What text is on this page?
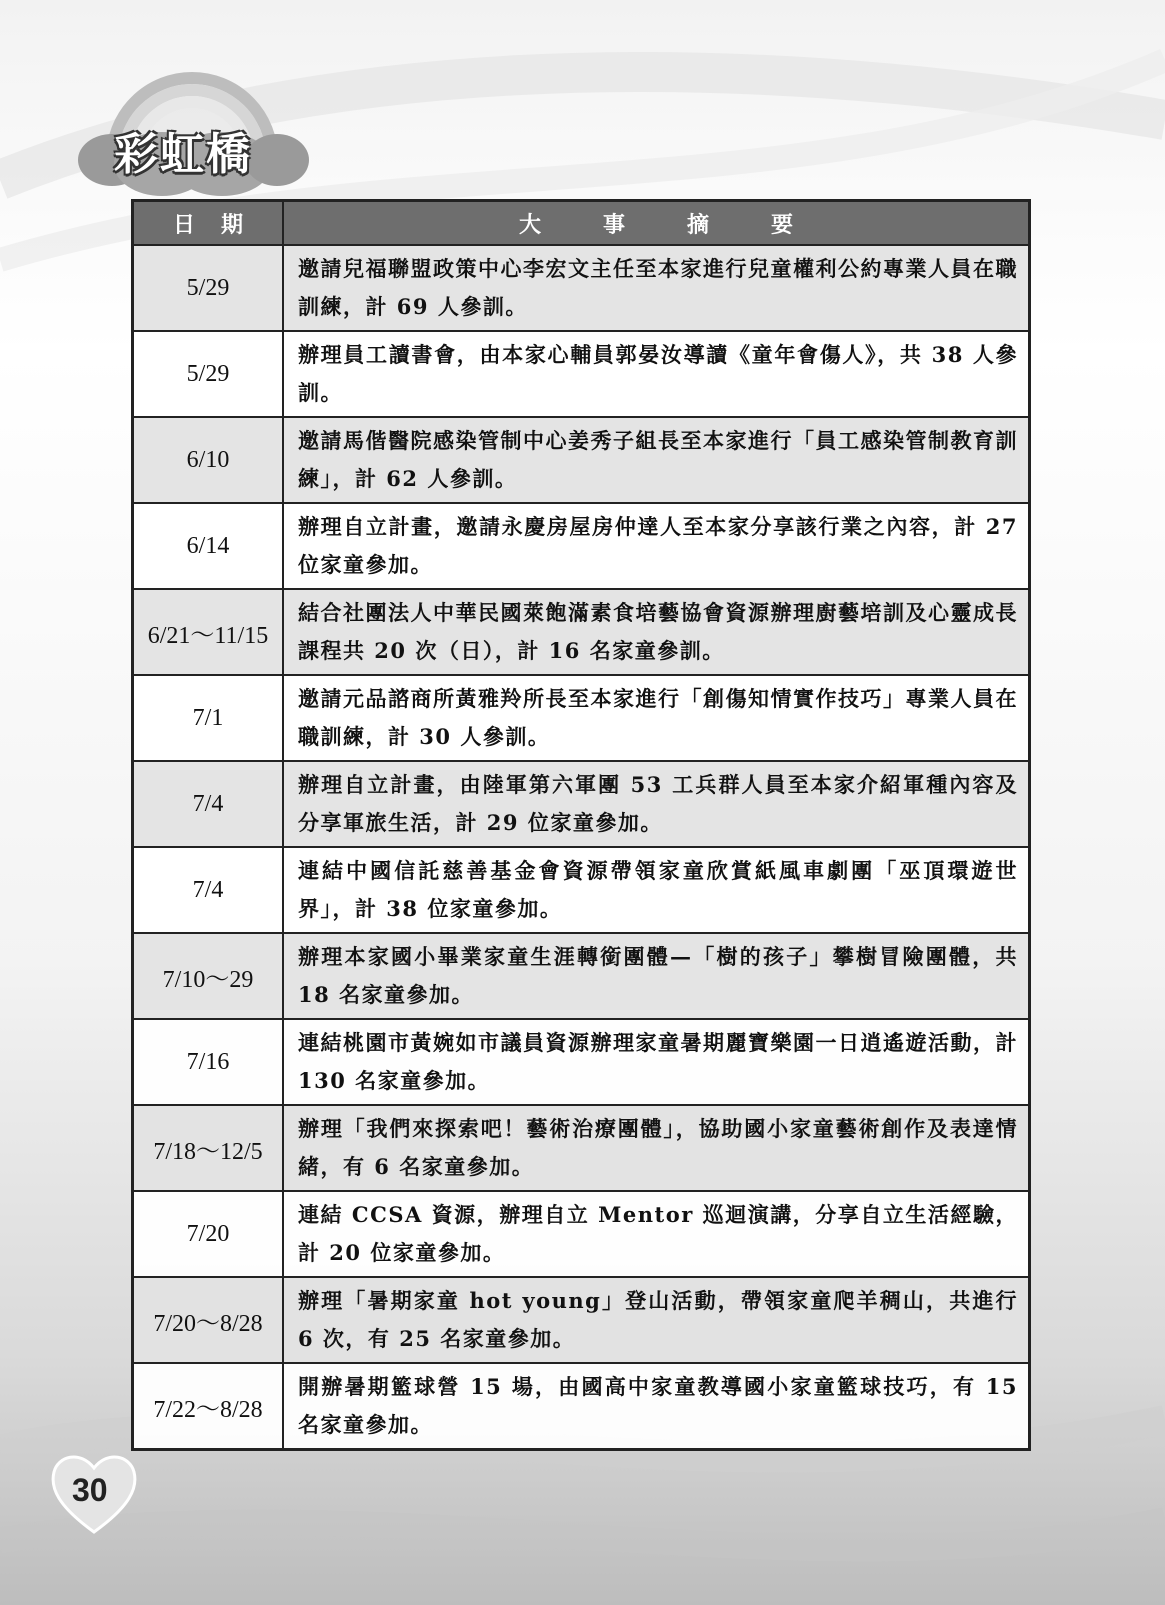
彩虹橋
日期	大事摘要
5/29	邀請兒福聯盟政策中心李宏文主任至本家進行兒童權利公約專業人員在職訓練，計 69 人參訓。
5/29	辦理員工讀書會，由本家心輔員郭晏汝導讀《童年會傷人》，共 38 人參訓。
6/10	邀請馬偕醫院感染管制中心姜秀子組長至本家進行「員工感染管制教育訓練」，計 62 人參訓。
6/14	辦理自立計畫，邀請永慶房屋房仲達人至本家分享該行業之內容，計 27 位家童參加。
6/21～11/15	結合社團法人中華民國萊飽滿素食培藝協會資源辦理廚藝培訓及心靈成長課程共 20 次（日），計 16 名家童參訓。
7/1	邀請元品諮商所黃雅羚所長至本家進行「創傷知情實作技巧」專業人員在職訓練，計 30 人參訓。
7/4	辦理自立計畫，由陸軍第六軍團 53 工兵群人員至本家介紹軍種內容及分享軍旅生活，計 29 位家童參加。
7/4	連結中國信託慈善基金會資源帶領家童欣賞紙風車劇團「巫頂環遊世界」，計 38 位家童參加。
7/10～29	辦理本家國小畢業家童生涯轉銜團體—「樹的孩子」攀樹冒險團體，共 18 名家童參加。
7/16	連結桃園市黃婉如市議員資源辦理家童暑期麗寶樂園一日逍遙遊活動，計 130 名家童參加。
7/18～12/5	辦理「我們來探索吧！藝術治療團體」，協助國小家童藝術創作及表達情緒，有 6 名家童參加。
7/20	連結 CCSA 資源，辦理自立 Mentor 巡迴演講，分享自立生活經驗，計 20 位家童參加。
7/20～8/28	辦理「暑期家童 hot young」登山活動，帶領家童爬羊稠山，共進行 6 次，有 25 名家童參加。
7/22～8/28	開辦暑期籃球營 15 場，由國高中家童教導國小家童籃球技巧，有 15 名家童參加。
30
